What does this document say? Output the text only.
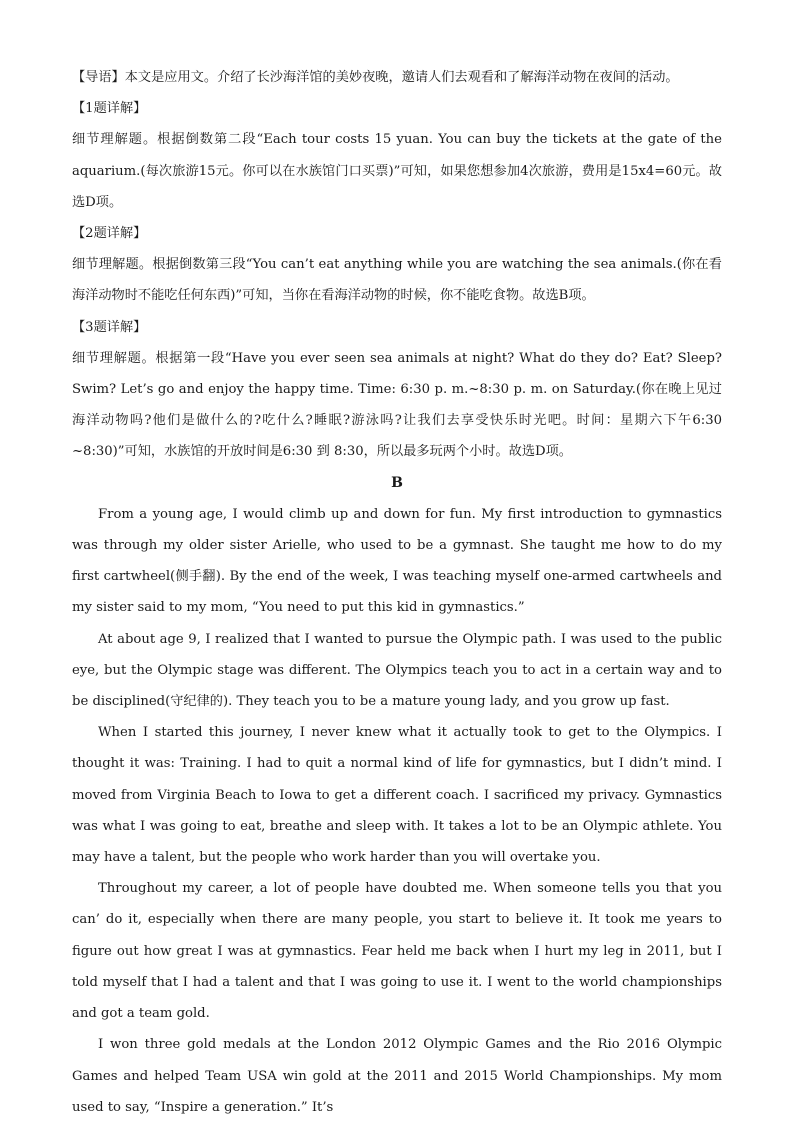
【导语】本文是应用文。介绍了长沙海洋馆的美妙夜晚，邀请人们去观看和了解海洋动物在夜间的活动。

【1题详解】

细节理解题。根据倒数第二段“Each tour costs 15 yuan. You can buy the tickets at the gate of the aquarium.(每次旅游15元。你可以在水族馆门口买票)”可知，如果您想参加4次旅游，费用是15x4=60元。故选D项。

【2题详解】

细节理解题。根据倒数第三段“You can’t eat anything while you are watching the sea animals.(你在看海洋动物时不能吃任何东西)”可知，当你在看海洋动物的时候，你不能吃食物。故选B项。

【3题详解】

细节理解题。根据第一段“Have you ever seen sea animals at night? What do they do? Eat? Sleep? Swim? Let’s go and enjoy the happy time. Time: 6:30 p. m.~8:30 p. m. on Saturday.(你在晚上见过海洋动物吗?他们是做什么的?吃什么?睡眠?游泳吗?让我们去享受快乐时光吧。时间：星期六下午6:30 ~8:30)”可知，水族馆的开放时间是6:30 到 8:30，所以最多玩两个小时。故选D项。

B

From a young age, I would climb up and down for fun. My first introduction to gymnastics was through my older sister Arielle, who used to be a gymnast. She taught me how to do my first cartwheel(侧手翻). By the end of the week, I was teaching myself one-armed cartwheels and my sister said to my mom, “You need to put this kid in gymnastics.”

At about age 9, I realized that I wanted to pursue the Olympic path. I was used to the public eye, but the Olympic stage was different. The Olympics teach you to act in a certain way and to be disciplined(守纪律的). They teach you to be a mature young lady, and you grow up fast.

When I started this journey, I never knew what it actually took to get to the Olympics. I thought it was: Training. I had to quit a normal kind of life for gymnastics, but I didn’t mind. I moved from Virginia Beach to Iowa to get a different coach. I sacrificed my privacy. Gymnastics was what I was going to eat, breathe and sleep with. It takes a lot to be an Olympic athlete. You may have a talent, but the people who work harder than you will overtake you.

Throughout my career, a lot of people have doubted me. When someone tells you that you can’ do it, especially when there are many people, you start to believe it. It took me years to figure out how great I was at gymnastics. Fear held me back when I hurt my leg in 2011, but I told myself that I had a talent and that I was going to use it. I went to the world championships and got a team gold.

I won three gold medals at the London 2012 Olympic Games and the Rio 2016 Olympic Games and helped Team USA win gold at the 2011 and 2015 World Championships. My mom used to say, “Inspire a generation.” It’s
